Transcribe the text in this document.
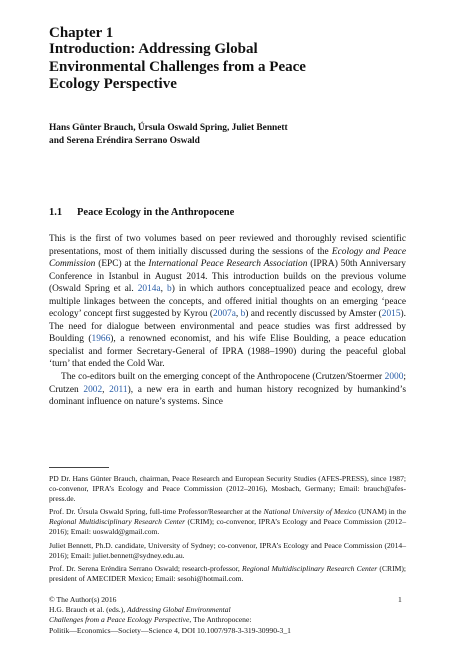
Chapter 1
Introduction: Addressing Global
Environmental Challenges from a Peace
Ecology Perspective
Hans Günter Brauch, Úrsula Oswald Spring, Juliet Bennett
and Serena Eréndira Serrano Oswald
1.1 Peace Ecology in the Anthropocene

This is the first of two volumes based on peer reviewed and thoroughly revised scientific presentations, most of them initially discussed during the sessions of the Ecology and Peace Commission (EPC) at the International Peace Research Association (IPRA) 50th Anniversary Conference in Istanbul in August 2014. This introduction builds on the previous volume (Oswald Spring et al. 2014a, b) in which authors conceptualized peace and ecology, drew multiple linkages between the concepts, and offered initial thoughts on an emerging ‘peace ecology’ concept first suggested by Kyrou (2007a, b) and recently discussed by Amster (2015). The need for dialogue between environmental and peace studies was first addressed by Boulding (1966), a renowned economist, and his wife Elise Boulding, a peace education specialist and former Secretary-General of IPRA (1988–1990) during the peaceful global ‘turn’ that ended the Cold War.

The co-editors built on the emerging concept of the Anthropocene (Crutzen/Stoermer 2000; Crutzen 2002, 2011), a new era in earth and human history recognized by humankind’s dominant influence on nature’s systems. Since

PD Dr. Hans Günter Brauch, chairman, Peace Research and European Security Studies (AFES-PRESS), since 1987; co-convenor, IPRA’s Ecology and Peace Commission (2012–2016), Mosbach, Germany; Email: brauch@afes-press.de.

Prof. Dr. Úrsula Oswald Spring, full-time Professor/Researcher at the National University of Mexico (UNAM) in the Regional Multidisciplinary Research Center (CRIM); co-convenor, IPRA’s Ecology and Peace Commission (2012–2016); Email: uoswald@gmail.com.

Juliet Bennett, Ph.D. candidate, University of Sydney; co-convenor, IPRA’s Ecology and Peace Commission (2014–2016); Email: juliet.bennett@sydney.edu.au.

Prof. Dr. Serena Eréndira Serrano Oswald; research-professor, Regional Multidisciplinary Research Center (CRIM); president of AMECIDER Mexico; Email: sesohi@hotmail.com.

© The Author(s) 2016
H.G. Brauch et al. (eds.), Addressing Global Environmental
Challenges from a Peace Ecology Perspective, The Anthropocene:
Politik—Economics—Society—Science 4, DOI 10.1007/978-3-319-30990-3_1
1
